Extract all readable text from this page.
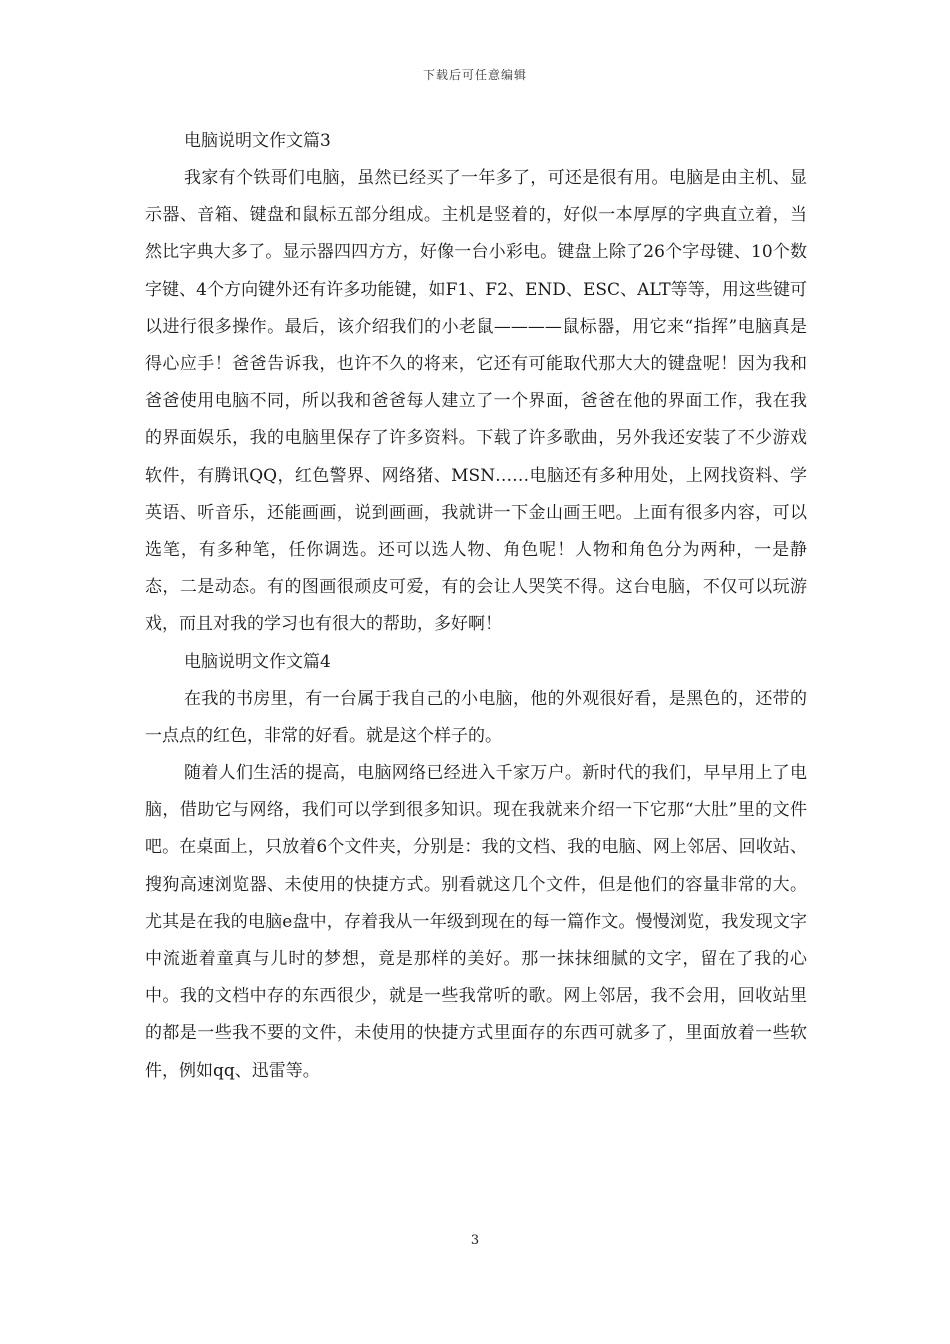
下载后可任意编辑

电脑说明文作文篇3

我家有个铁哥们电脑，虽然已经买了一年多了，可还是很有用。电脑是由主机、显示器、音箱、键盘和鼠标五部分组成。主机是竖着的，好似一本厚厚的字典直立着，当然比字典大多了。显示器四四方方，好像一台小彩电。键盘上除了26个字母键、10个数字键、4个方向键外还有许多功能键，如F1、F2、END、ESC、ALT等等，用这些键可以进行很多操作。最后，该介绍我们的小老鼠————鼠标器，用它来“指挥”电脑真是得心应手！爸爸告诉我，也许不久的将来，它还有可能取代那大大的键盘呢！因为我和爸爸使用电脑不同，所以我和爸爸每人建立了一个界面，爸爸在他的界面工作，我在我的界面娱乐，我的电脑里保存了许多资料。下载了许多歌曲，另外我还安装了不少游戏软件，有腾讯QQ，红色警界、网络猪、MSN……电脑还有多种用处，上网找资料、学英语、听音乐，还能画画，说到画画，我就讲一下金山画王吧。上面有很多内容，可以选笔，有多种笔，任你调选。还可以选人物、角色呢！人物和角色分为两种，一是静态，二是动态。有的图画很顽皮可爱，有的会让人哭笑不得。这台电脑，不仅可以玩游戏，而且对我的学习也有很大的帮助，多好啊！

电脑说明文作文篇4

在我的书房里，有一台属于我自己的小电脑，他的外观很好看，是黑色的，还带的一点点的红色，非常的好看。就是这个样子的。

随着人们生活的提高，电脑网络已经进入千家万户。新时代的我们，早早用上了电脑，借助它与网络，我们可以学到很多知识。现在我就来介绍一下它那“大肚”里的文件吧。在桌面上，只放着6个文件夹，分别是：我的文档、我的电脑、网上邻居、回收站、搜狗高速浏览器、未使用的快捷方式。别看就这几个文件，但是他们的容量非常的大。尤其是在我的电脑e盘中，存着我从一年级到现在的每一篇作文。慢慢浏览，我发现文字中流逝着童真与儿时的梦想，竟是那样的美好。那一抹抹细腻的文字，留在了我的心中。我的文档中存的东西很少，就是一些我常听的歌。网上邻居，我不会用，回收站里的都是一些我不要的文件，未使用的快捷方式里面存的东西可就多了，里面放着一些软件，例如qq、迅雷等。

3
